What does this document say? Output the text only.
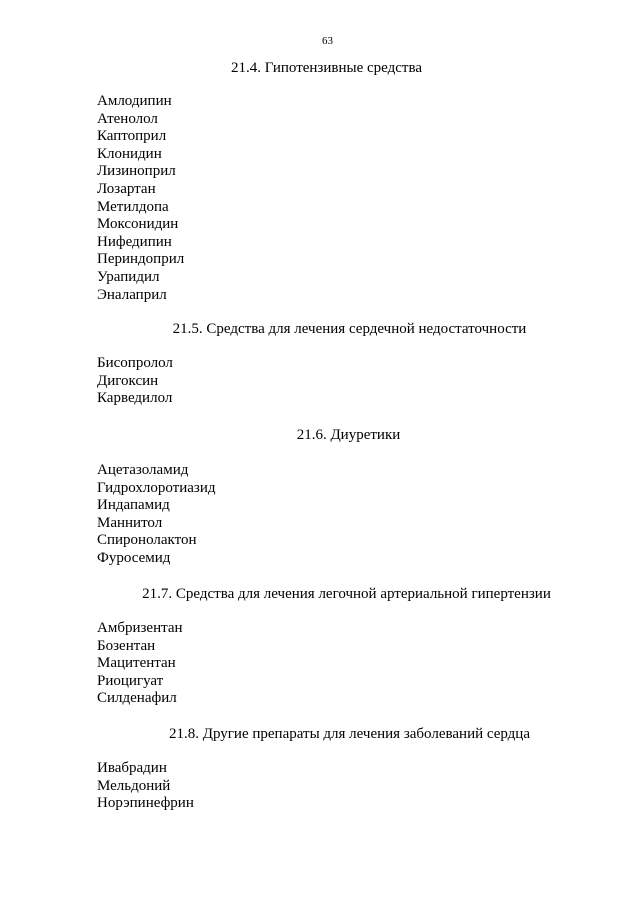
63
21.4. Гипотензивные средства
Амлодипин
Атенолол
Каптоприл
Клонидин
Лизиноприл
Лозартан
Метилдопа
Моксонидин
Нифедипин
Периндоприл
Урапидил
Эналаприл
21.5. Средства для лечения сердечной недостаточности
Бисопролол
Дигоксин
Карведилол
21.6. Диуретики
Ацетазоламид
Гидрохлоротиазид
Индапамид
Маннитол
Спиронолактон
Фуросемид
21.7. Средства для лечения легочной артериальной гипертензии
Амбризентан
Бозентан
Мацитентан
Риоцигуат
Силденафил
21.8. Другие препараты для лечения заболеваний сердца
Ивабрадин
Мельдоний
Норэпинефрин
